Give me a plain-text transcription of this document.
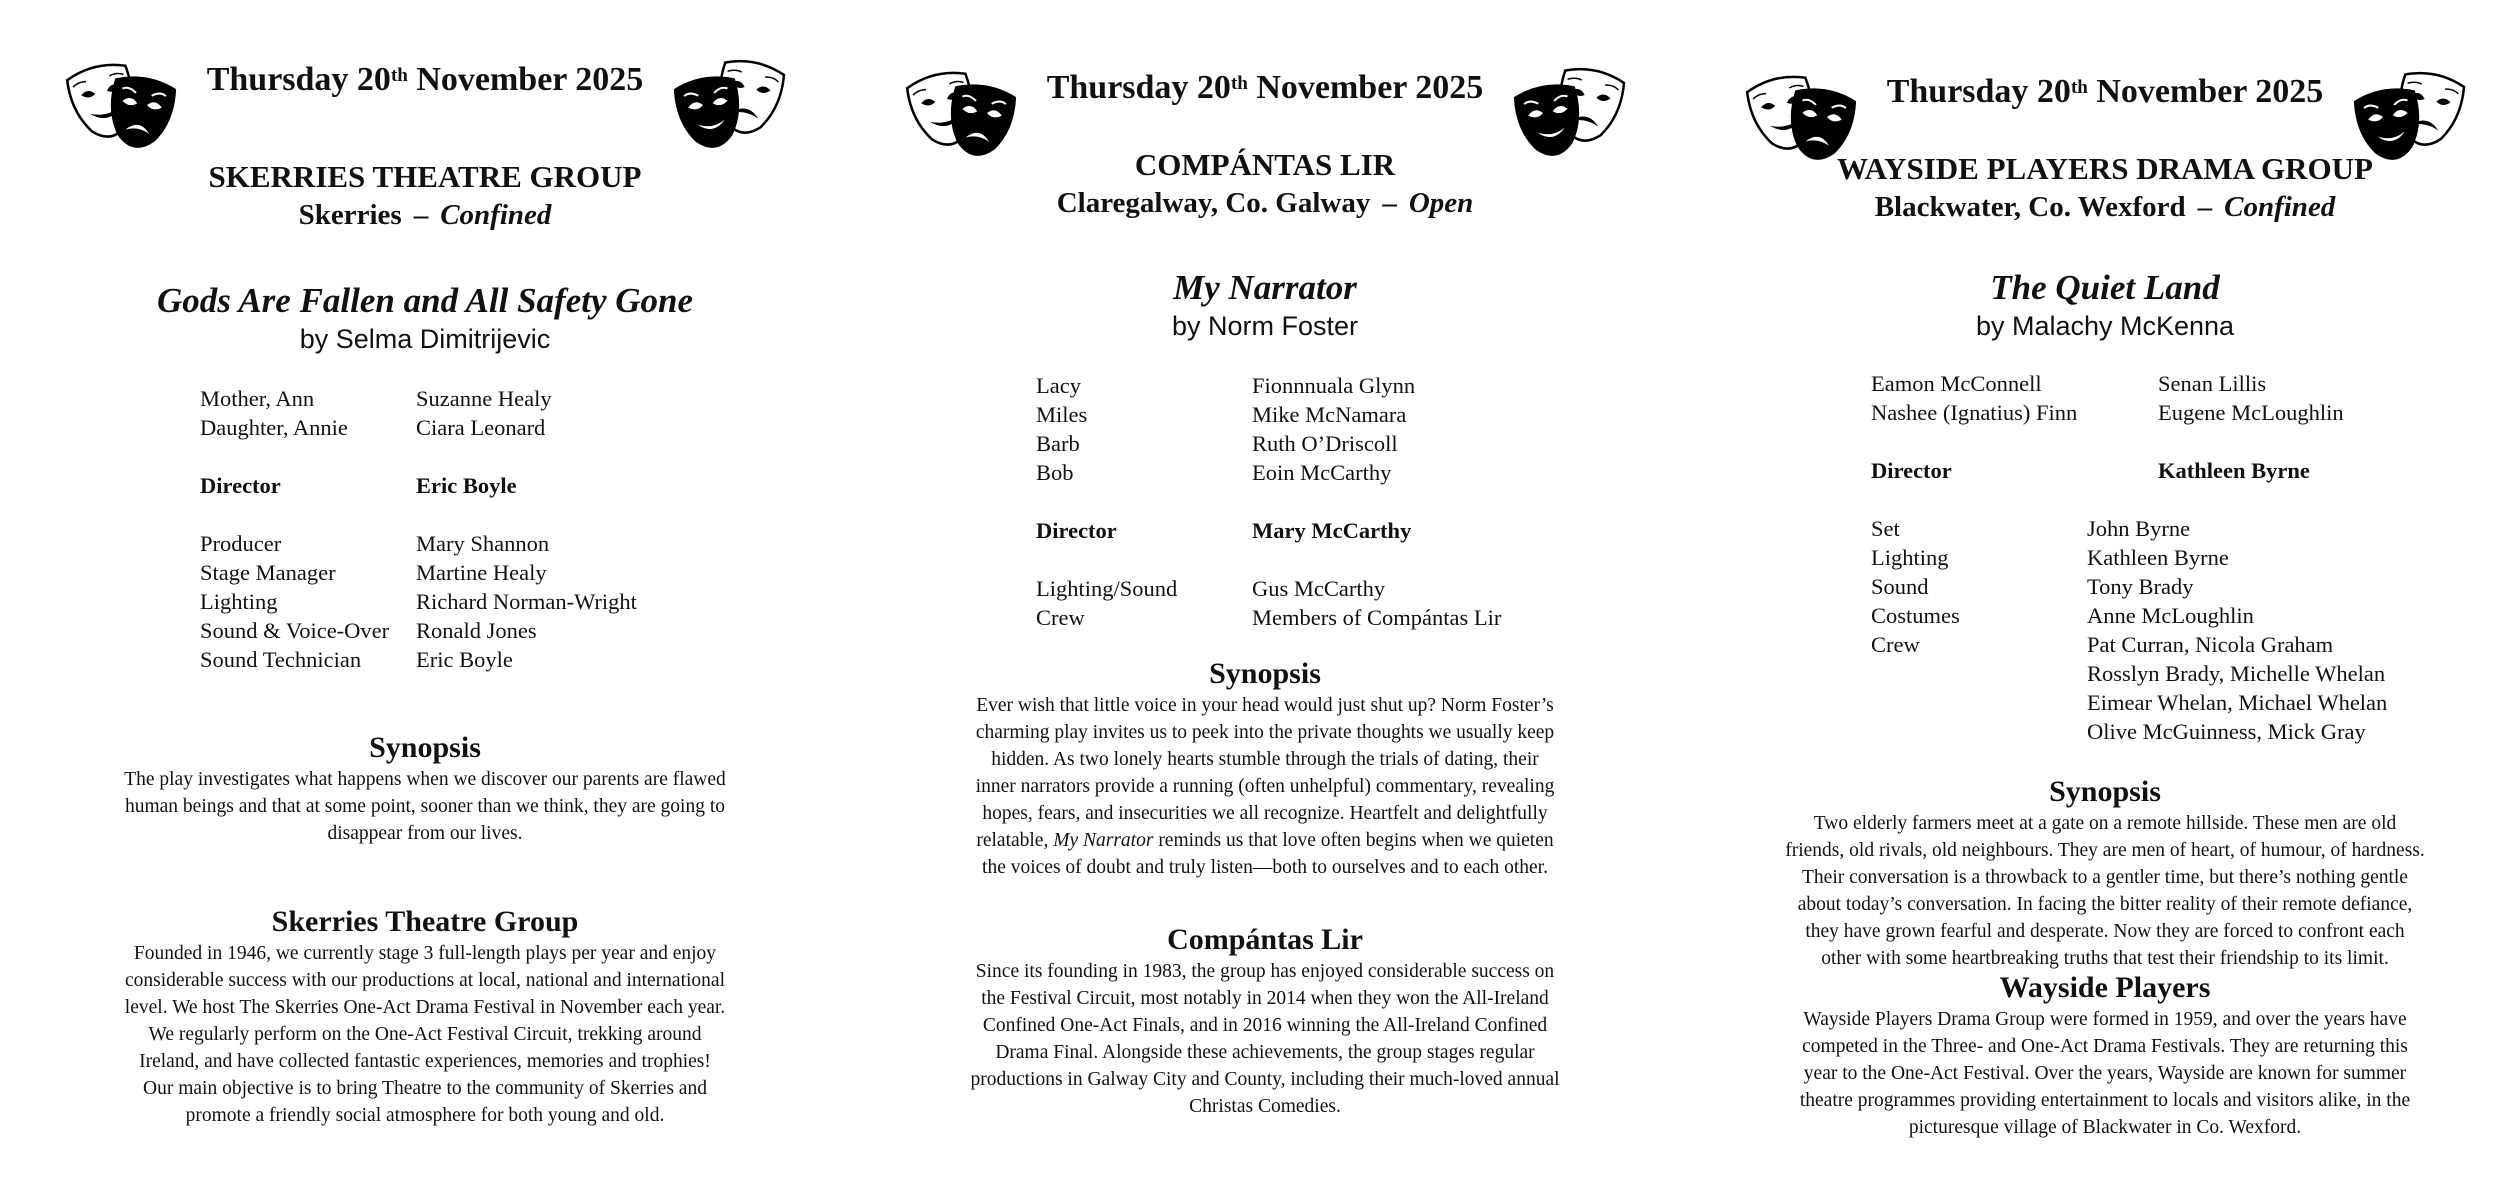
Thursday 20th November 2025
SKERRIES THEATRE GROUP
Skerries – Confined
Gods Are Fallen and All Safety Gone
by Selma Dimitrijevic
Mother, Ann	Suzanne Healy
Daughter, Annie	Ciara Leonard
Director	Eric Boyle
Producer	Mary Shannon
Stage Manager	Martine Healy
Lighting	Richard Norman-Wright
Sound & Voice-Over	Ronald Jones
Sound Technician	Eric Boyle
Synopsis
The play investigates what happens when we discover our parents are flawed
human beings and that at some point, sooner than we think, they are going to
disappear from our lives.
Skerries Theatre Group
Founded in 1946, we currently stage 3 full-length plays per year and enjoy
considerable success with our productions at local, national and international
level. We host The Skerries One-Act Drama Festival in November each year.
We regularly perform on the One-Act Festival Circuit, trekking around
Ireland, and have collected fantastic experiences, memories and trophies!
Our main objective is to bring Theatre to the community of Skerries and
promote a friendly social atmosphere for both young and old.
Thursday 20th November 2025
COMPÁNTAS LIR
Claregalway, Co. Galway – Open
My Narrator
by Norm Foster
Lacy	Fionnnuala Glynn
Miles	Mike McNamara
Barb	Ruth O’Driscoll
Bob	Eoin McCarthy
Director	Mary McCarthy
Lighting/Sound	Gus McCarthy
Crew	Members of Compántas Lir
Synopsis
Ever wish that little voice in your head would just shut up? Norm Foster’s
charming play invites us to peek into the private thoughts we usually keep
hidden. As two lonely hearts stumble through the trials of dating, their
inner narrators provide a running (often unhelpful) commentary, revealing
hopes, fears, and insecurities we all recognize. Heartfelt and delightfully
relatable, My Narrator reminds us that love often begins when we quieten
the voices of doubt and truly listen—both to ourselves and to each other.
Compántas Lir
Since its founding in 1983, the group has enjoyed considerable success on
the Festival Circuit, most notably in 2014 when they won the All-Ireland
Confined One-Act Finals, and in 2016 winning the All-Ireland Confined
Drama Final. Alongside these achievements, the group stages regular
productions in Galway City and County, including their much-loved annual
Christas Comedies.
Thursday 20th November 2025
WAYSIDE PLAYERS DRAMA GROUP
Blackwater, Co. Wexford – Confined
The Quiet Land
by Malachy McKenna
Eamon McConnell	Senan Lillis
Nashee (Ignatius) Finn	Eugene McLoughlin
Director	Kathleen Byrne
Set	John Byrne
Lighting	Kathleen Byrne
Sound	Tony Brady
Costumes	Anne McLoughlin
Crew	Pat Curran, Nicola Graham
Rosslyn Brady, Michelle Whelan
Eimear Whelan, Michael Whelan
Olive McGuinness, Mick Gray
Synopsis
Two elderly farmers meet at a gate on a remote hillside. These men are old
friends, old rivals, old neighbours. They are men of heart, of humour, of hardness.
Their conversation is a throwback to a gentler time, but there’s nothing gentle
about today’s conversation. In facing the bitter reality of their remote defiance,
they have grown fearful and desperate. Now they are forced to confront each
other with some heartbreaking truths that test their friendship to its limit.
Wayside Players
Wayside Players Drama Group were formed in 1959, and over the years have
competed in the Three- and One-Act Drama Festivals. They are returning this
year to the One-Act Festival. Over the years, Wayside are known for summer
theatre programmes providing entertainment to locals and visitors alike, in the
picturesque village of Blackwater in Co. Wexford.
